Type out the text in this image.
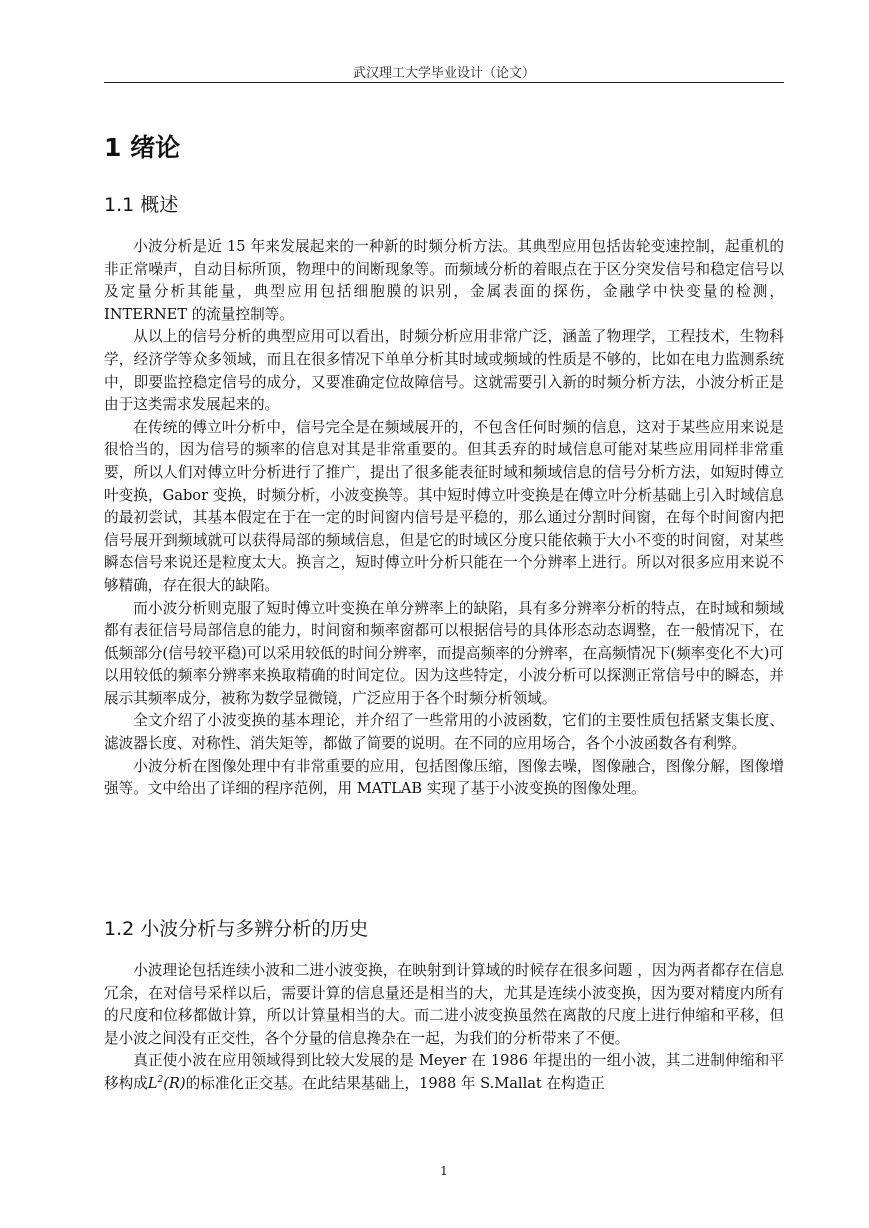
武汉理工大学毕业设计（论文）
1 绪论
1.1 概述

小波分析是近 15 年来发展起来的一种新的时频分析方法。其典型应用包括齿轮变速控制，起重机的非正常噪声，自动目标所顶，物理中的间断现象等。而频域分析的着眼点在于区分突发信号和稳定信号以及定量分析其能量，典型应用包括细胞膜的识别，金属表面的探伤，金融学中快变量的检测，INTERNET 的流量控制等。

从以上的信号分析的典型应用可以看出，时频分析应用非常广泛，涵盖了物理学，工程技术，生物科学，经济学等众多领域，而且在很多情况下单单分析其时域或频域的性质是不够的，比如在电力监测系统中，即要监控稳定信号的成分，又要准确定位故障信号。这就需要引入新的时频分析方法，小波分析正是由于这类需求发展起来的。

在传统的傅立叶分析中，信号完全是在频域展开的，不包含任何时频的信息，这对于某些应用来说是很恰当的，因为信号的频率的信息对其是非常重要的。但其丢弃的时域信息可能对某些应用同样非常重要，所以人们对傅立叶分析进行了推广，提出了很多能表征时域和频域信息的信号分析方法，如短时傅立叶变换，Gabor 变换，时频分析，小波变换等。其中短时傅立叶变换是在傅立叶分析基础上引入时域信息的最初尝试，其基本假定在于在一定的时间窗内信号是平稳的，那么通过分割时间窗，在每个时间窗内把信号展开到频域就可以获得局部的频域信息，但是它的时域区分度只能依赖于大小不变的时间窗，对某些瞬态信号来说还是粒度太大。换言之，短时傅立叶分析只能在一个分辨率上进行。所以对很多应用来说不够精确，存在很大的缺陷。

而小波分析则克服了短时傅立叶变换在单分辨率上的缺陷，具有多分辨率分析的特点，在时域和频域都有表征信号局部信息的能力，时间窗和频率窗都可以根据信号的具体形态动态调整，在一般情况下，在低频部分(信号较平稳)可以采用较低的时间分辨率，而提高频率的分辨率，在高频情况下(频率变化不大)可以用较低的频率分辨率来换取精确的时间定位。因为这些特定，小波分析可以探测正常信号中的瞬态，并展示其频率成分，被称为数学显微镜，广泛应用于各个时频分析领域。

全文介绍了小波变换的基本理论，并介绍了一些常用的小波函数，它们的主要性质包括紧支集长度、滤波器长度、对称性、消失矩等，都做了简要的说明。在不同的应用场合，各个小波函数各有利弊。

小波分析在图像处理中有非常重要的应用，包括图像压缩，图像去噪，图像融合，图像分解，图像增强等。文中给出了详细的程序范例，用 MATLAB 实现了基于小波变换的图像处理。

1.2 小波分析与多辨分析的历史

小波理论包括连续小波和二进小波变换，在映射到计算域的时候存在很多问题 ，因为两者都存在信息冗余，在对信号采样以后，需要计算的信息量还是相当的大，尤其是连续小波变换，因为要对精度内所有的尺度和位移都做计算，所以计算量相当的大。而二进小波变换虽然在离散的尺度上进行伸缩和平移，但是小波之间没有正交性，各个分量的信息搀杂在一起，为我们的分析带来了不便。

真正使小波在应用领域得到比较大发展的是 Meyer 在 1986 年提出的一组小波，其二进制伸缩和平移构成$L^2(R)$的标准化正交基。在此结果基础上，1988 年 S.Mallat 在构造正

1
